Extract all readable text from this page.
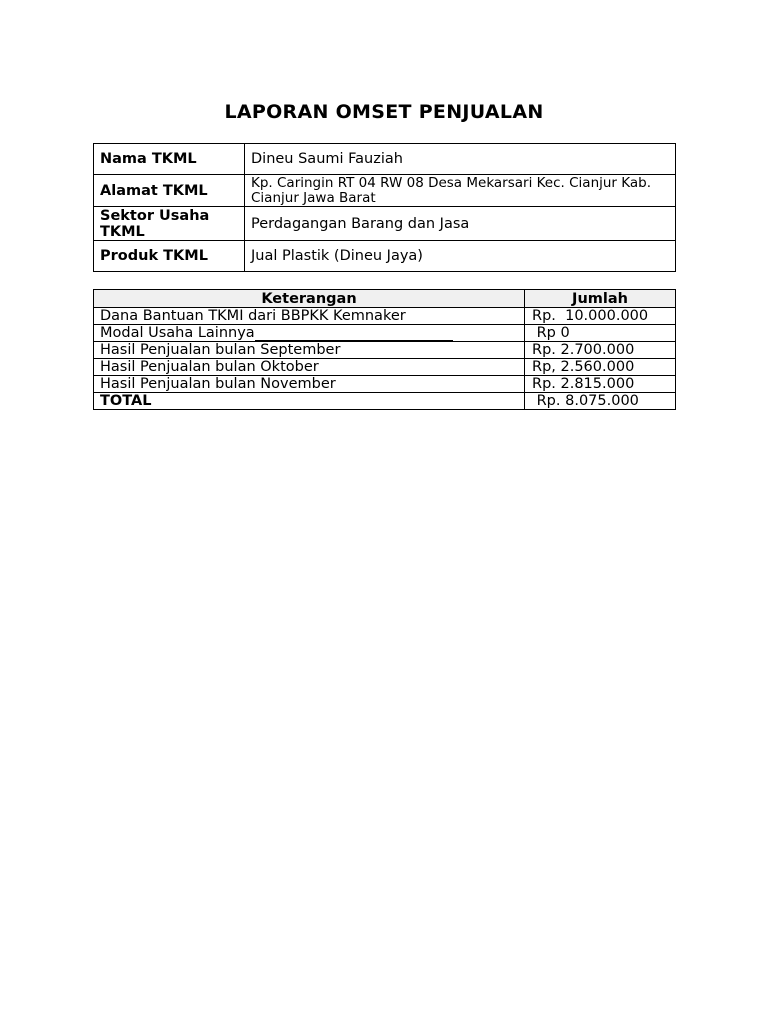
LAPORAN OMSET PENJUALAN
Nama TKML	Dineu Saumi Fauziah
Alamat TKML	Kp. Caringin RT 04 RW 08 Desa Mekarsari Kec. Cianjur Kab. Cianjur Jawa Barat
Sektor Usaha TKML	Perdagangan Barang dan Jasa
Produk TKML	Jual Plastik (Dineu Jaya)
Keterangan	Jumlah
Dana Bantuan TKMI dari BBPKK Kemnaker	Rp.  10.000.000
Modal Usaha Lainnya	Rp 0
Hasil Penjualan bulan September	Rp. 2.700.000
Hasil Penjualan bulan Oktober	Rp, 2.560.000
Hasil Penjualan bulan November	Rp. 2.815.000
TOTAL	Rp. 8.075.000
